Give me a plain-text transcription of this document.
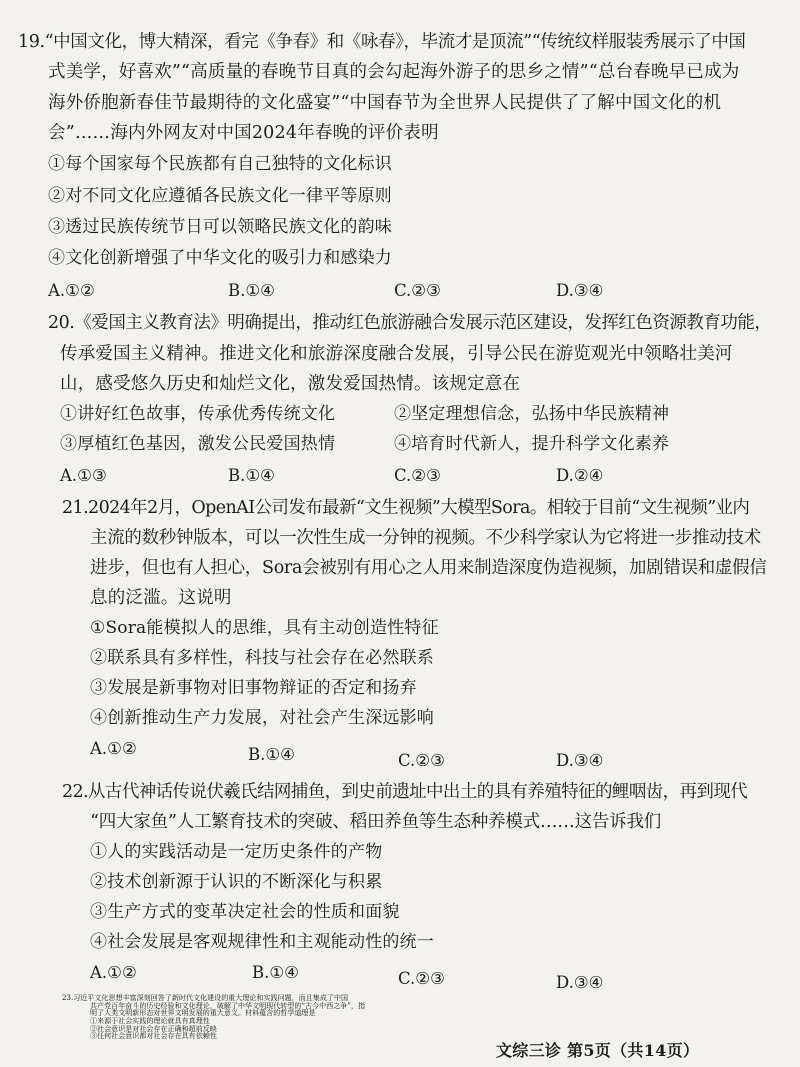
19.“中国文化，博大精深，看完《争春》和《咏春》，毕流才是顶流”“传统纹样服装秀展示了中国
式美学，好喜欢”“高质量的春晚节目真的会勾起海外游子的思乡之情”“总台春晚早已成为
海外侨胞新春佳节最期待的文化盛宴”“中国春节为全世界人民提供了了解中国文化的机
会”……海内外网友对中国2024年春晚的评价表明
①每个国家每个民族都有自己独特的文化标识
②对不同文化应遵循各民族文化一律平等原则
③透过民族传统节日可以领略民族文化的韵味
④文化创新增强了中华文化的吸引力和感染力
A.①②	B.①④	C.②③	D.③④
20.《爱国主义教育法》明确提出，推动红色旅游融合发展示范区建设，发挥红色资源教育功能，
传承爱国主义精神。推进文化和旅游深度融合发展，引导公民在游览观光中领略壮美河
山，感受悠久历史和灿烂文化，激发爱国热情。该规定意在
①讲好红色故事，传承优秀传统文化	②坚定理想信念，弘扬中华民族精神
③厚植红色基因，激发公民爱国热情	④培育时代新人，提升科学文化素养
A.①③	B.①④	C.②③	D.②④
21.2024年2月，OpenAI公司发布最新“文生视频”大模型Sora。相较于目前“文生视频”业内
主流的数秒钟版本，可以一次性生成一分钟的视频。不少科学家认为它将进一步推动技术
进步，但也有人担心，Sora会被别有用心之人用来制造深度伪造视频，加剧错误和虚假信
息的泛滥。这说明
①Sora能模拟人的思维，具有主动创造性特征
②联系具有多样性，科技与社会存在必然联系
③发展是新事物对旧事物辩证的否定和扬弃
④创新推动生产力发展，对社会产生深远影响
A.①②	B.①④	C.②③	D.③④
22.从古代神话传说伏羲氏结网捕鱼，到史前遗址中出土的具有养殖特征的鲤咽齿，再到现代
“四大家鱼”人工繁育技术的突破、稻田养鱼等生态种养模式……这告诉我们
①人的实践活动是一定历史条件的产物
②技术创新源于认识的不断深化与积累
③生产方式的变革决定社会的性质和面貌
④社会发展是客观规律性和主观能动性的统一
A.①②	B.①④	C.②③	D.③④
23.习近平文化思想丰富深刻回答了新时代文化建设的重大理论和实践问题，而且集成了中国
共产党百年奋斗的历史经验和文化理论，破解了中华文明现代转型的“古今中西之争”，指
明了人类文明新形态对世界文明发展的重大意义。材料蕴含的哲学道理是
①来源于社会实践的理论就具有真理性
②社会意识是对社会存在正确和超前反映
③任何社会意识都对社会存在具有依赖性
文综三诊 第5页（共14页）
